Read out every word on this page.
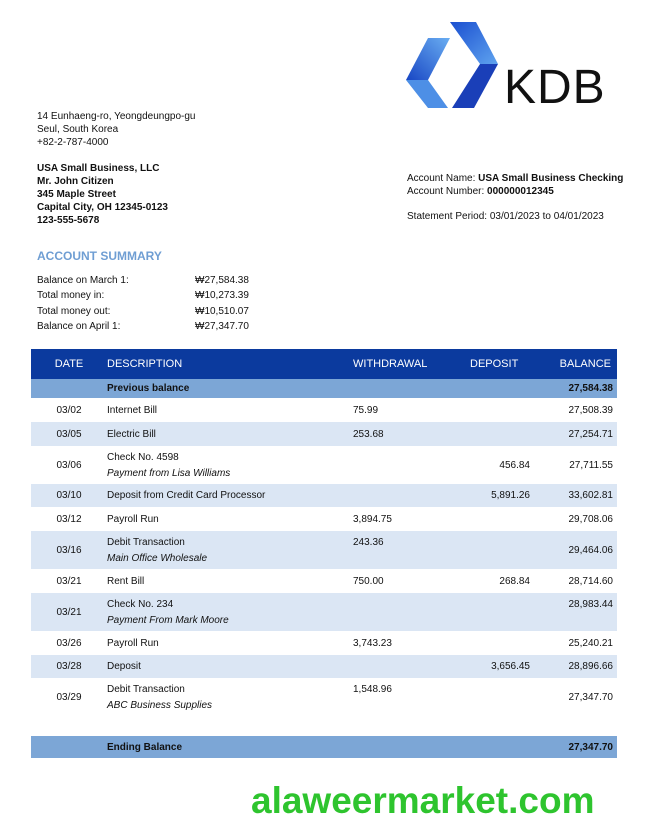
KDB
14 Eunhaeng-ro, Yeongdeungpo-gu
Seul, South Korea
+82-2-787-4000
USA Small Business, LLC
Mr. John Citizen
345 Maple Street
Capital City, OH 12345-0123
123-555-5678
Account Name: USA Small Business Checking
Account Number: 000000012345
Statement Period: 03/01/2023 to 04/01/2023
ACCOUNT SUMMARY
Balance on March 1:	₩27,584.38
Total money in:	₩10,273.39
Total money out:	₩10,510.07
Balance on April 1:	₩27,347.70
DATE	DESCRIPTION	WITHDRAWAL	DEPOSIT	BALANCE
	Previous balance			27,584.38
03/02	Internet Bill	75.99		27,508.39
03/05	Electric Bill	253.68		27,254.71
03/06	Check No. 4598
Payment from Lisa Williams		456.84	27,711.55
03/10	Deposit from Credit Card Processor		5,891.26	33,602.81
03/12	Payroll Run	3,894.75		29,708.06
03/16	Debit Transaction
Main Office Wholesale	243.36		29,464.06
03/21	Rent Bill	750.00	268.84	28,714.60
03/21	Check No. 234
Payment From Mark Moore			28,983.44
03/26	Payroll Run	3,743.23		25,240.21
03/28	Deposit		3,656.45	28,896.66
03/29	Debit Transaction
ABC Business Supplies	1,548.96		27,347.70

	Ending Balance			27,347.70
alaweermarket.com
